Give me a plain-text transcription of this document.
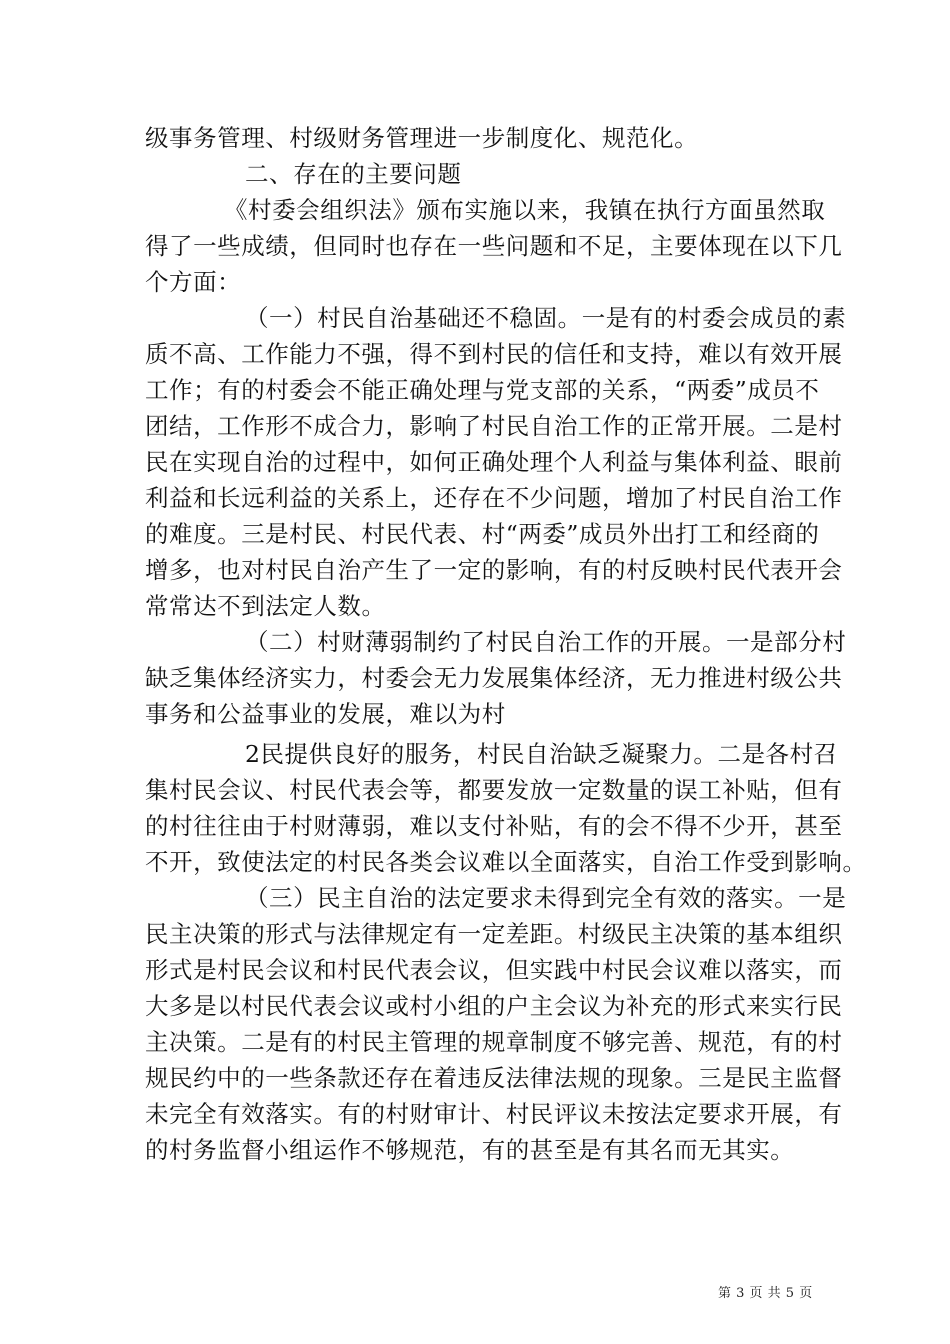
级事务管理、村级财务管理进一步制度化、规范化。
二、存在的主要问题
《村委会组织法》颁布实施以来，我镇在执行方面虽然取
得了一些成绩，但同时也存在一些问题和不足，主要体现在以下几
个方面：
（一）村民自治基础还不稳固。一是有的村委会成员的素
质不高、工作能力不强，得不到村民的信任和支持，难以有效开展
工作；有的村委会不能正确处理与党支部的关系，“两委”成员不
团结，工作形不成合力，影响了村民自治工作的正常开展。二是村
民在实现自治的过程中，如何正确处理个人利益与集体利益、眼前
利益和长远利益的关系上，还存在不少问题，增加了村民自治工作
的难度。三是村民、村民代表、村“两委”成员外出打工和经商的
增多，也对村民自治产生了一定的影响，有的村反映村民代表开会
常常达不到法定人数。
（二）村财薄弱制约了村民自治工作的开展。一是部分村
缺乏集体经济实力，村委会无力发展集体经济，无力推进村级公共
事务和公益事业的发展，难以为村
2民提供良好的服务，村民自治缺乏凝聚力。二是各村召
集村民会议、村民代表会等，都要发放一定数量的误工补贴，但有
的村往往由于村财薄弱，难以支付补贴，有的会不得不少开，甚至
不开，致使法定的村民各类会议难以全面落实，自治工作受到影响。
（三）民主自治的法定要求未得到完全有效的落实。一是
民主决策的形式与法律规定有一定差距。村级民主决策的基本组织
形式是村民会议和村民代表会议，但实践中村民会议难以落实，而
大多是以村民代表会议或村小组的户主会议为补充的形式来实行民
主决策。二是有的村民主管理的规章制度不够完善、规范，有的村
规民约中的一些条款还存在着违反法律法规的现象。三是民主监督
未完全有效落实。有的村财审计、村民评议未按法定要求开展，有
的村务监督小组运作不够规范，有的甚至是有其名而无其实。
第 3 页 共 5 页
